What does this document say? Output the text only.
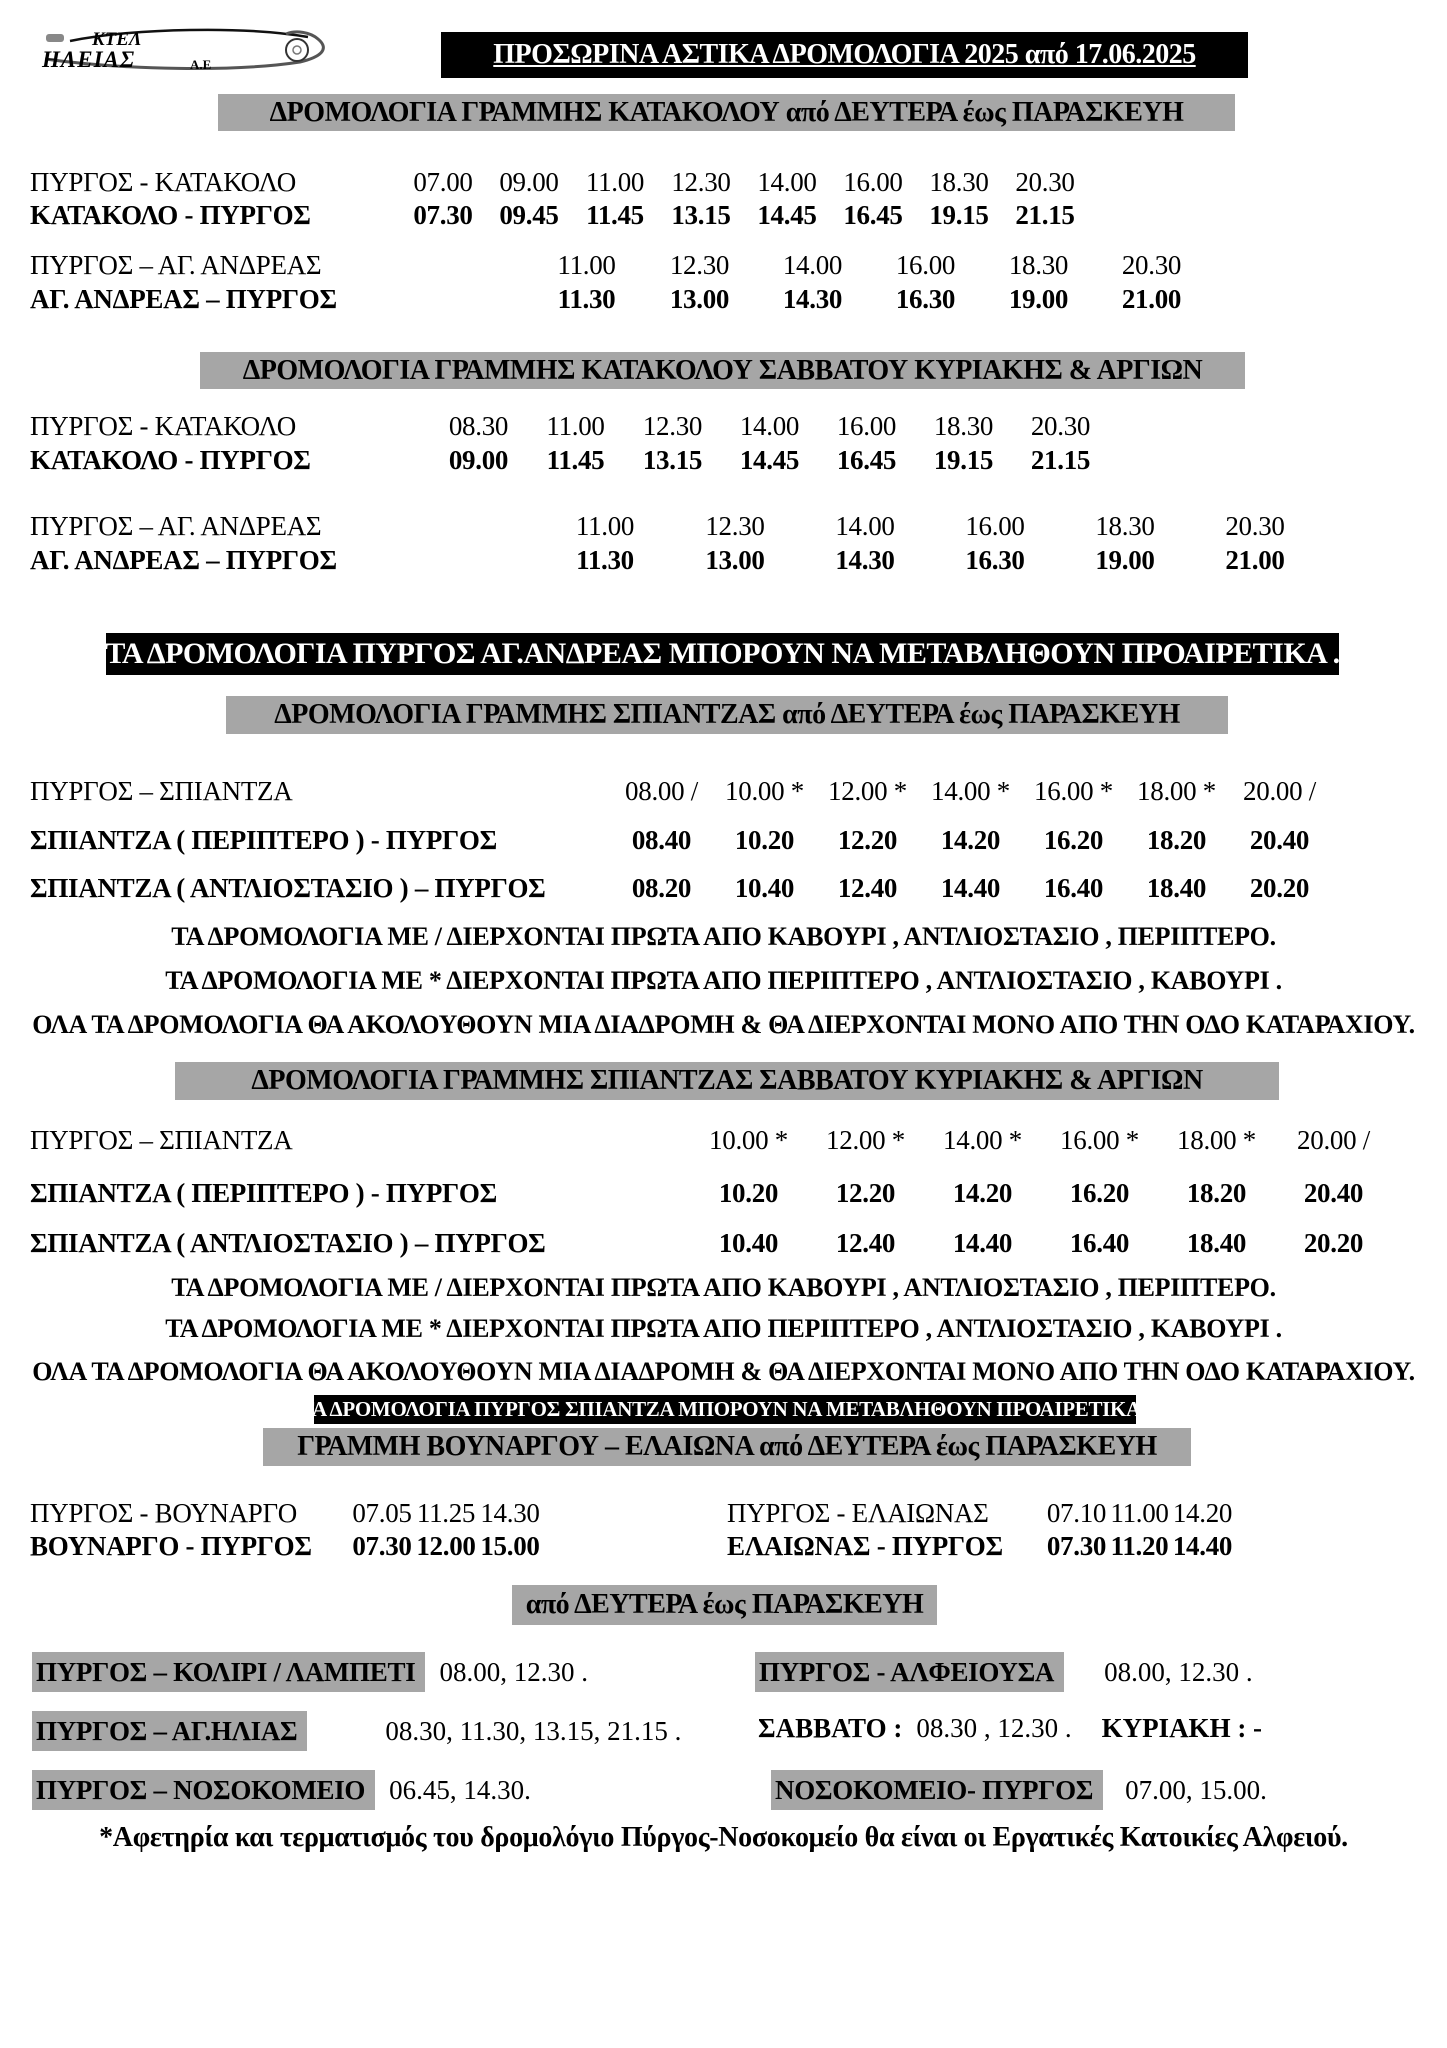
ΚΤΕΛ
ΗΛΕΙΑΣ	Α.Ε	ΠΡΟΣΩΡΙΝΑ ΑΣΤΙΚΑ ΔΡΟΜΟΛΟΓΙΑ 2025 από 17.06.2025
ΔΡΟΜΟΛΟΓΙΑ ΓΡΑΜΜΗΣ ΚΑΤΑΚΟΛΟΥ από ΔΕΥΤΕΡΑ έως ΠΑΡΑΣΚΕΥΗ
ΠΥΡΓΟΣ - ΚΑΤΑΚΟΛΟ	07.00 09.00	11.00	12.30 14.00 16.00 18.30 20.30
ΚΑΤΑΚΟΛΟ - ΠΥΡΓΟΣ	07.30 09.45	11.45	13.15 14.45 16.45 19.15 21.15
ΠΥΡΓΟΣ – ΑΓ. ΑΝΔΡΕΑΣ	11.00	12.30	14.00	16.00	18.30	20.30
ΑΓ. ΑΝΔΡΕΑΣ – ΠΥΡΓΟΣ	11.30	13.00	14.30	16.30	19.00	21.00
ΔΡΟΜΟΛΟΓΙΑ ΓΡΑΜΜΗΣ ΚΑΤΑΚΟΛΟΥ ΣΑΒΒΑΤΟΥ ΚΥΡΙΑΚΗΣ & ΑΡΓΙΩΝ
ΠΥΡΓΟΣ - ΚΑΤΑΚΟΛΟ	08.30	11.00	12.30	14.00	16.00	18.30	20.30
ΚΑΤΑΚΟΛΟ - ΠΥΡΓΟΣ	09.00	11.45	13.15	14.45	16.45	19.15	21.15
ΠΥΡΓΟΣ – ΑΓ. ΑΝΔΡΕΑΣ	11.00	12.30	14.00	16.00	18.30	20.30
ΑΓ. ΑΝΔΡΕΑΣ – ΠΥΡΓΟΣ	11.30	13.00	14.30	16.30	19.00	21.00
ΤΑ ΔΡΟΜΟΛΟΓΙΑ ΠΥΡΓΟΣ ΑΓ.ΑΝΔΡΕΑΣ ΜΠΟΡΟΥΝ ΝΑ ΜΕΤΑΒΛΗΘΟΥΝ ΠΡΟΑΙΡΕΤΙΚΑ .
ΔΡΟΜΟΛΟΓΙΑ ΓΡΑΜΜΗΣ ΣΠΙΑΝΤΖΑΣ από ΔΕΥΤΕΡΑ έως ΠΑΡΑΣΚΕΥΗ
ΠΥΡΓΟΣ – ΣΠΙΑΝΤΖΑ	08.00 /	10.00 * 12.00 * 14.00 * 16.00 * 18.00 *	20.00 /
ΣΠΙΑΝΤΖΑ ( ΠΕΡΙΠΤΕΡΟ ) - ΠΥΡΓΟΣ	08.40	10.20	12.20	14.20	16.20	18.20	20.40
ΣΠΙΑΝΤΖΑ ( ΑΝΤΛΙΟΣΤΑΣΙΟ ) – ΠΥΡΓΟΣ	08.20	10.40	12.40	14.40	16.40	18.40	20.20
ΤΑ ΔΡΟΜΟΛΟΓΙΑ ΜΕ / ΔΙΕΡΧΟΝΤΑΙ ΠΡΩΤΑ ΑΠΟ ΚΑΒΟΥΡΙ , ΑΝΤΛΙΟΣΤΑΣΙΟ , ΠΕΡΙΠΤΕΡΟ.
ΤΑ ΔΡΟΜΟΛΟΓΙΑ ΜΕ * ΔΙΕΡΧΟΝΤΑΙ ΠΡΩΤΑ ΑΠΟ ΠΕΡΙΠΤΕΡΟ , ΑΝΤΛΙΟΣΤΑΣΙΟ , ΚΑΒΟΥΡΙ .
ΟΛΑ ΤΑ ΔΡΟΜΟΛΟΓΙΑ ΘΑ ΑΚΟΛΟΥΘΟΥΝ ΜΙΑ ΔΙΑΔΡΟΜΗ & ΘΑ ΔΙΕΡΧΟΝΤΑΙ ΜΟΝΟ ΑΠΟ ΤΗΝ ΟΔΟ ΚΑΤΑΡΑΧΙΟΥ.
ΔΡΟΜΟΛΟΓΙΑ ΓΡΑΜΜΗΣ ΣΠΙΑΝΤΖΑΣ ΣΑΒΒΑΤΟΥ ΚΥΡΙΑΚΗΣ & ΑΡΓΙΩΝ
ΠΥΡΓΟΣ – ΣΠΙΑΝΤΖΑ	10.00 *	12.00 *	14.00 *	16.00 *	18.00 *	20.00 /
ΣΠΙΑΝΤΖΑ ( ΠΕΡΙΠΤΕΡΟ ) - ΠΥΡΓΟΣ	10.20	12.20	14.20	16.20	18.20	20.40
ΣΠΙΑΝΤΖΑ ( ΑΝΤΛΙΟΣΤΑΣΙΟ ) – ΠΥΡΓΟΣ	10.40	12.40	14.40	16.40	18.40	20.20
ΤΑ ΔΡΟΜΟΛΟΓΙΑ ΜΕ / ΔΙΕΡΧΟΝΤΑΙ ΠΡΩΤΑ ΑΠΟ ΚΑΒΟΥΡΙ , ΑΝΤΛΙΟΣΤΑΣΙΟ , ΠΕΡΙΠΤΕΡΟ.
ΤΑ ΔΡΟΜΟΛΟΓΙΑ ΜΕ * ΔΙΕΡΧΟΝΤΑΙ ΠΡΩΤΑ ΑΠΟ ΠΕΡΙΠΤΕΡΟ , ΑΝΤΛΙΟΣΤΑΣΙΟ , ΚΑΒΟΥΡΙ .
ΟΛΑ ΤΑ ΔΡΟΜΟΛΟΓΙΑ ΘΑ ΑΚΟΛΟΥΘΟΥΝ ΜΙΑ ΔΙΑΔΡΟΜΗ & ΘΑ ΔΙΕΡΧΟΝΤΑΙ ΜΟΝΟ ΑΠΟ ΤΗΝ ΟΔΟ ΚΑΤΑΡΑΧΙΟΥ.
ΤΑ ΔΡΟΜΟΛΟΓΙΑ ΠΥΡΓΟΣ ΣΠΙΑΝΤΖΑ ΜΠΟΡΟΥΝ ΝΑ ΜΕΤΑΒΛΗΘΟΥΝ ΠΡΟΑΙΡΕΤΙΚΑ .
ΓΡΑΜΜΗ ΒΟΥΝΑΡΓΟΥ – ΕΛΑΙΩΝΑ από ΔΕΥΤΕΡΑ έως ΠΑΡΑΣΚΕΥΗ
ΠΥΡΓΟΣ - ΒΟΥΝΑΡΓΟ	07.05 11.25 14.30
ΒΟΥΝΑΡΓΟ - ΠΥΡΓΟΣ	07.30 12.00 15.00
ΠΥΡΓΟΣ - ΕΛΑΙΩΝΑΣ	07.10 11.00 14.20
ΕΛΑΙΩΝΑΣ - ΠΥΡΓΟΣ	07.30 11.20 14.40
από ΔΕΥΤΕΡΑ έως ΠΑΡΑΣΚΕΥΗ
ΠΥΡΓΟΣ – ΚΟΛΙΡΙ / ΛΑΜΠΕΤΙ 08.00, 12.30 .	ΠΥΡΓΟΣ - ΑΛΦΕΙΟΥΣΑ	08.00, 12.30 .
ΠΥΡΓΟΣ – ΑΓ.ΗΛΙΑΣ	08.30, 11.30, 13.15, 21.15 .	ΣΑΒΒΑΤΟ : 08.30 , 12.30 . ΚΥΡΙΑΚΗ : -
ΠΥΡΓΟΣ – ΝΟΣΟΚΟΜΕΙΟ 06.45, 14.30.	ΝΟΣΟΚΟΜΕΙΟ- ΠΥΡΓΟΣ	07.00, 15.00.
*Αφετηρία και τερματισμός του δρομολόγιο Πύργος-Νοσοκομείο θα είναι οι Εργατικές Κατοικίες Αλφειού.
